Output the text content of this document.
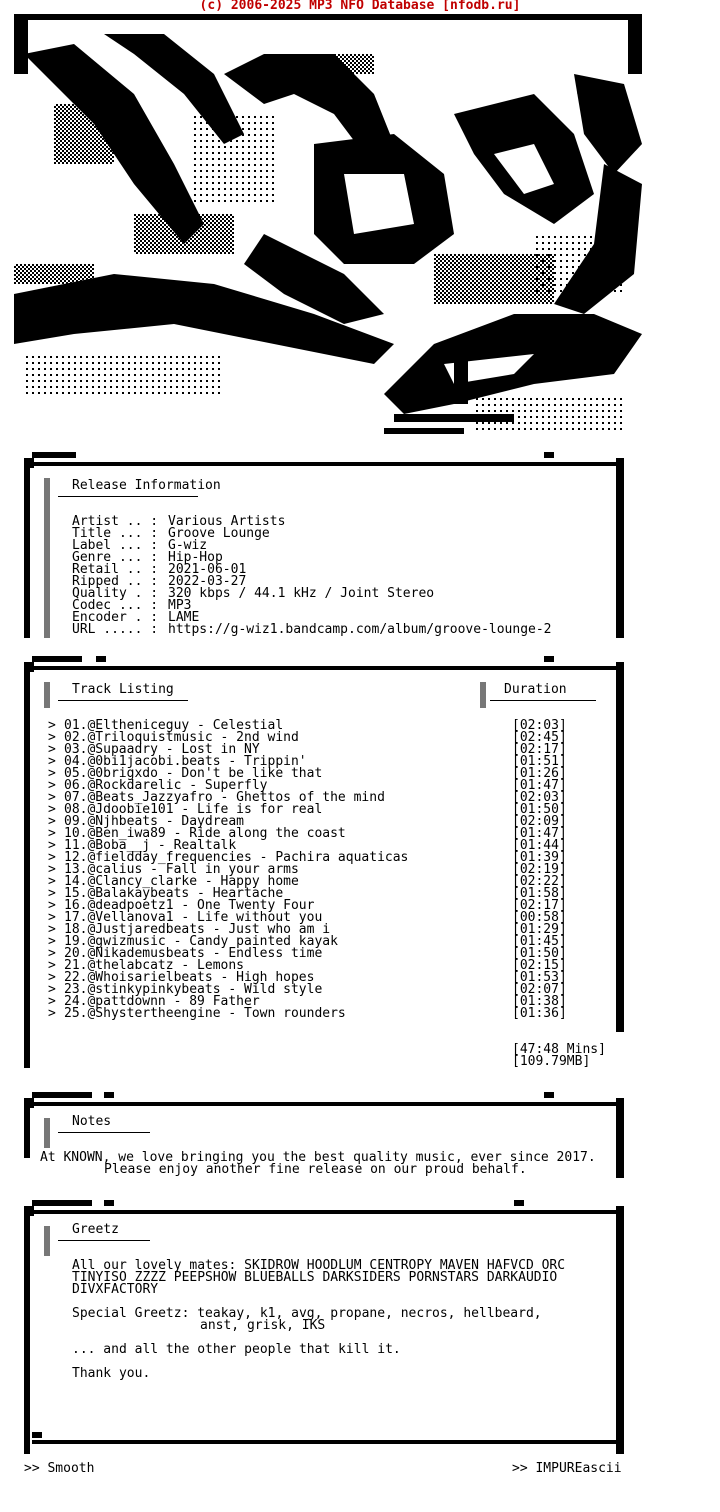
(c) 2006-2025 MP3 NFO Database [nfodb.ru]
sM
Release Information
Artist .. : Various Artists
Title ... : Groove Lounge
Label ... : G-wiz
Genre ... : Hip-Hop
Retail .. : 2021-06-01
Ripped .. : 2022-03-27
Quality . : 320 kbps / 44.1 kHz / Joint Stereo
Codec ... : MP3
Encoder . : LAME
URL ..... : https://g-wiz1.bandcamp.com/album/groove-lounge-2
Track Listing	Duration
> 01.@Eltheniceguy - Celestial	[02:03]
> 02.@Triloquistmusic - 2nd wind	[02:45]
> 03.@Supaadry - Lost in NY	[02:17]
> 04.@0bi1jacobi.beats - Trippin'	[01:51]
> 05.@0brigxdo - Don't be like that	[01:26]
> 06.@Rockdarelic - Superfly	[01:47]
> 07.@Beats_Jazzyafro - Ghettos of the mind	[02:03]
> 08.@Jdoobie101 - Life is for real	[01:50]
> 09.@Njhbeats - Daydream	[02:09]
> 10.@Ben_iwa89 - Ride along the coast	[01:47]
> 11.@Boba__j - Realtalk	[01:44]
> 12.@fieldday_frequencies - Pachira aquaticas	[01:39]
> 13.@calius - Fall in your arms	[02:19]
> 14.@Clancy_clarke - Happy home	[02:22]
> 15.@Balakaybeats - Heartache	[01:58]
> 16.@deadpoetz1 - One Twenty Four	[02:17]
> 17.@Vellanova1 - Life without you	[00:58]
> 18.@Justjaredbeats - Just who am i	[01:29]
> 19.@gwizmusic - Candy painted kayak	[01:45]
> 20.@Nikademusbeats - Endless time	[01:50]
> 21.@thelabcatz - Lemons	[02:15]
> 22.@Whoisarielbeats - High hopes	[01:53]
> 23.@stinkypinkybeats - Wild style	[02:07]
> 24.@pattdownn - 89 Father	[01:38]
> 25.@Shystertheengine - Town rounders	[01:36]
[47:48 Mins]
[109.79MB]
Notes
At KNOWN, we love bringing you the best quality music, ever since 2017.
Please enjoy another fine release on our proud behalf.
Greetz
All our lovely mates: SKIDROW HOODLUM CENTROPY MAVEN HAFVCD ORC
TINYISO ZZZZ PEEPSHOW BLUEBALLS DARKSIDERS PORNSTARS DARKAUDIO
DIVXFACTORY
Special Greetz: teakay, k1, avg, propane, necros, hellbeard,
anst, grisk, IKS
... and all the other people that kill it.
Thank you.
>> Smooth	>> IMPUREascii
